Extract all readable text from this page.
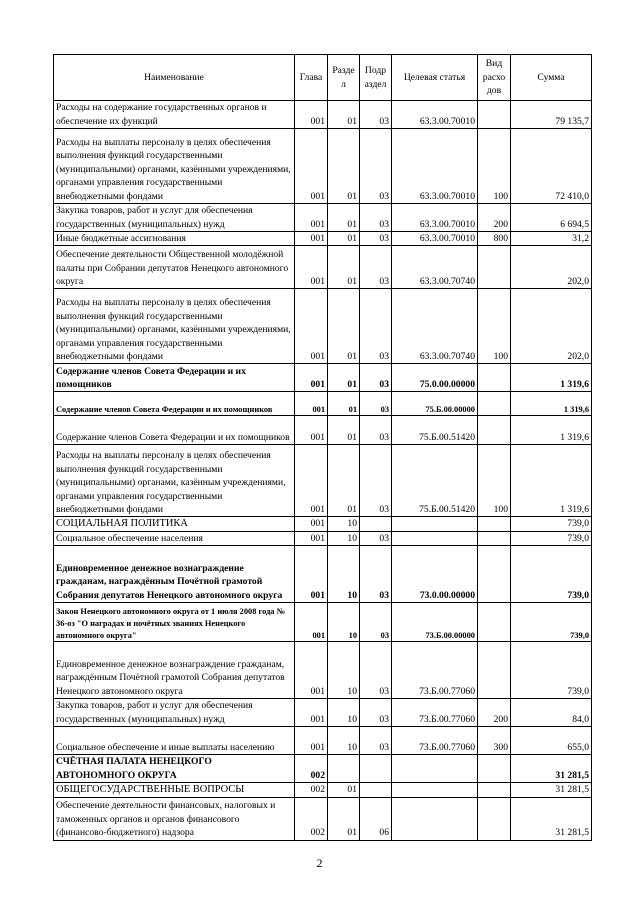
Наименование	Глава	Разде л	Подр аздел	Целевая статья	Вид расхо дов	Сумма
Расходы на содержание государственных органов и обеспечение их функций	001	01	03	63.3.00.70010		79 135,7
Расходы на выплаты персоналу в целях обеспечения выполнения функций государственными (муниципальными) органами, казёнными учреждениями, органами управления государственными внебюджетными фондами	001	01	03	63.3.00.70010	100	72 410,0
Закупка товаров, работ и услуг для обеспечения государственных (муниципальных) нужд	001	01	03	63.3.00.70010	200	6 694,5
Иные бюджетные ассигнования	001	01	03	63.3.00.70010	800	31,2
Обеспечение деятельности Общественной молодёжной палаты при Собрании депутатов Ненецкого автономного округа	001	01	03	63.3.00.70740		202,0
Расходы на выплаты персоналу в целях обеспечения выполнения функций государственными (муниципальными) органами, казёнными учреждениями, органами управления государственными внебюджетными фондами	001	01	03	63.3.00.70740	100	202,0
Содержание членов Совета Федерации и их помощников	001	01	03	75.0.00.00000		1 319,6
Содержание членов Совета Федерации и их помощников	001	01	03	75.Б.00.00000		1 319,6
Содержание членов Совета Федерации и их помощников	001	01	03	75.Б.00.51420		1 319,6
Расходы на выплаты персоналу в целях обеспечения выполнения функций государственными (муниципальными) органами, казённым учреждениями, органами управления государственными внебюджетными фондами	001	01	03	75.Б.00.51420	100	1 319,6
СОЦИАЛЬНАЯ ПОЛИТИКА	001	10				739,0
Социальное обеспечение населения	001	10	03			739,0
Единовременное денежное вознаграждение гражданам, награждённым Почётной грамотой Собрания депутатов Ненецкого автономного округа	001	10	03	73.0.00.00000		739,0
Закон Ненецкого автономного округа от 1 июля 2008 года № 36-оз "О наградах и почётных званиях Ненецкого автономного округа"	001	10	03	73.Б.00.00000		739,0
Единовременное денежное вознаграждение гражданам, награждённым Почётной грамотой Собрания депутатов Ненецкого автономного округа	001	10	03	73.Б.00.77060		739,0
Закупка товаров, работ и услуг для обеспечения государственных (муниципальных) нужд	001	10	03	73.Б.00.77060	200	84,0
Социальное обеспечение и иные выплаты населению	001	10	03	73.Б.00.77060	300	655,0
СЧЁТНАЯ ПАЛАТА НЕНЕЦКОГО АВТОНОМНОГО ОКРУГА	002					31 281,5
ОБЩЕГОСУДАРСТВЕННЫЕ ВОПРОСЫ	002	01				31 281,5
Обеспечение деятельности финансовых, налоговых и таможенных органов и органов финансового (финансово-бюджетного) надзора	002	01	06			31 281,5
2
